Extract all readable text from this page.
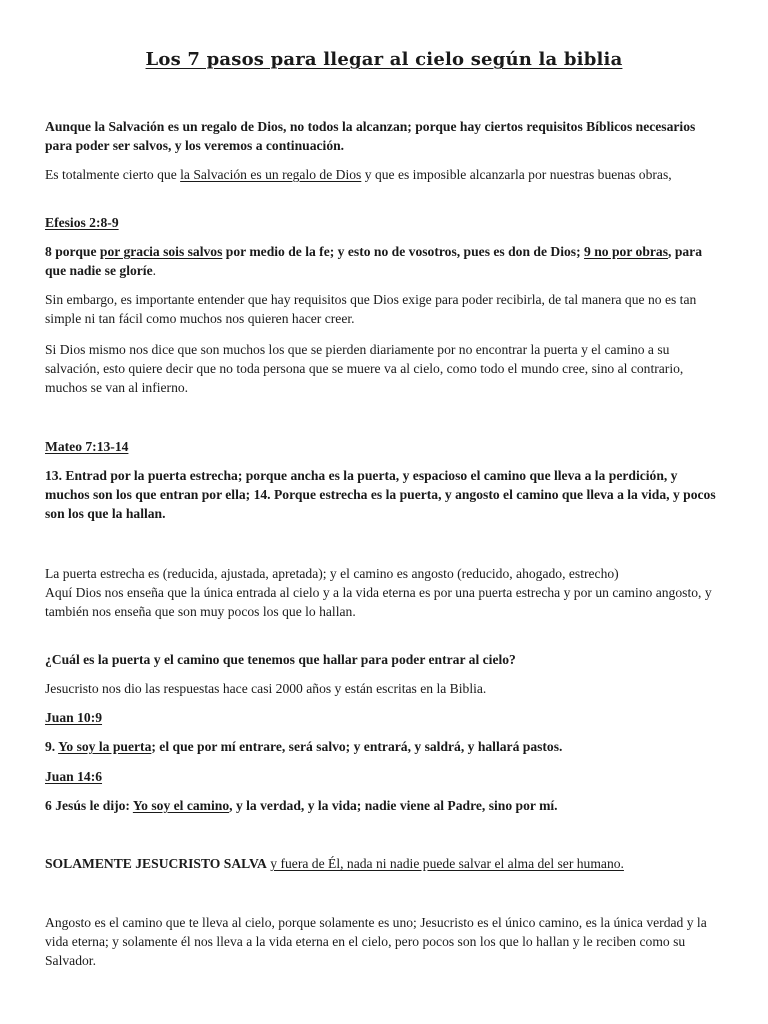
Los 7 pasos para llegar al cielo según la biblia

Aunque la Salvación es un regalo de Dios, no todos la alcanzan; porque hay ciertos requisitos Bíblicos necesarios para poder ser salvos, y los veremos a continuación.

Es totalmente cierto que la Salvación es un regalo de Dios y que es imposible alcanzarla por nuestras buenas obras,

Efesios 2:8-9

8 porque por gracia sois salvos por medio de la fe; y esto no de vosotros, pues es don de Dios; 9 no por obras, para que nadie se gloríe.

Sin embargo, es importante entender que hay requisitos que Dios exige para poder recibirla, de tal manera que no es tan simple ni tan fácil como muchos nos quieren hacer creer.

Si Dios mismo nos dice que son muchos los que se pierden diariamente por no encontrar la puerta y el camino a su salvación, esto quiere decir que no toda persona que se muere va al cielo, como todo el mundo cree, sino al contrario, muchos se van al infierno.

Mateo 7:13-14

13. Entrad por la puerta estrecha; porque ancha es la puerta, y espacioso el camino que lleva a la perdición, y muchos son los que entran por ella; 14. Porque estrecha es la puerta, y angosto el camino que lleva a la vida, y pocos son los que la hallan.

La puerta estrecha es (reducida, ajustada, apretada); y el camino es angosto (reducido, ahogado, estrecho)
Aquí Dios nos enseña que la única entrada al cielo y a la vida eterna es por una puerta estrecha y por un camino angosto, y también nos enseña que son muy pocos los que lo hallan.

¿Cuál es la puerta y el camino que tenemos que hallar para poder entrar al cielo?

Jesucristo nos dio las respuestas hace casi 2000 años y están escritas en la Biblia.

Juan 10:9

9. Yo soy la puerta; el que por mí entrare, será salvo; y entrará, y saldrá, y hallará pastos.

Juan 14:6

6 Jesús le dijo: Yo soy el camino, y la verdad, y la vida; nadie viene al Padre, sino por mí.

SOLAMENTE JESUCRISTO SALVA y fuera de Él, nada ni nadie puede salvar el alma del ser humano.

Angosto es el camino que te lleva al cielo, porque solamente es uno; Jesucristo es el único camino, es la única verdad y la vida eterna; y solamente él nos lleva a la vida eterna en el cielo, pero pocos son los que lo hallan y le reciben como su Salvador.
